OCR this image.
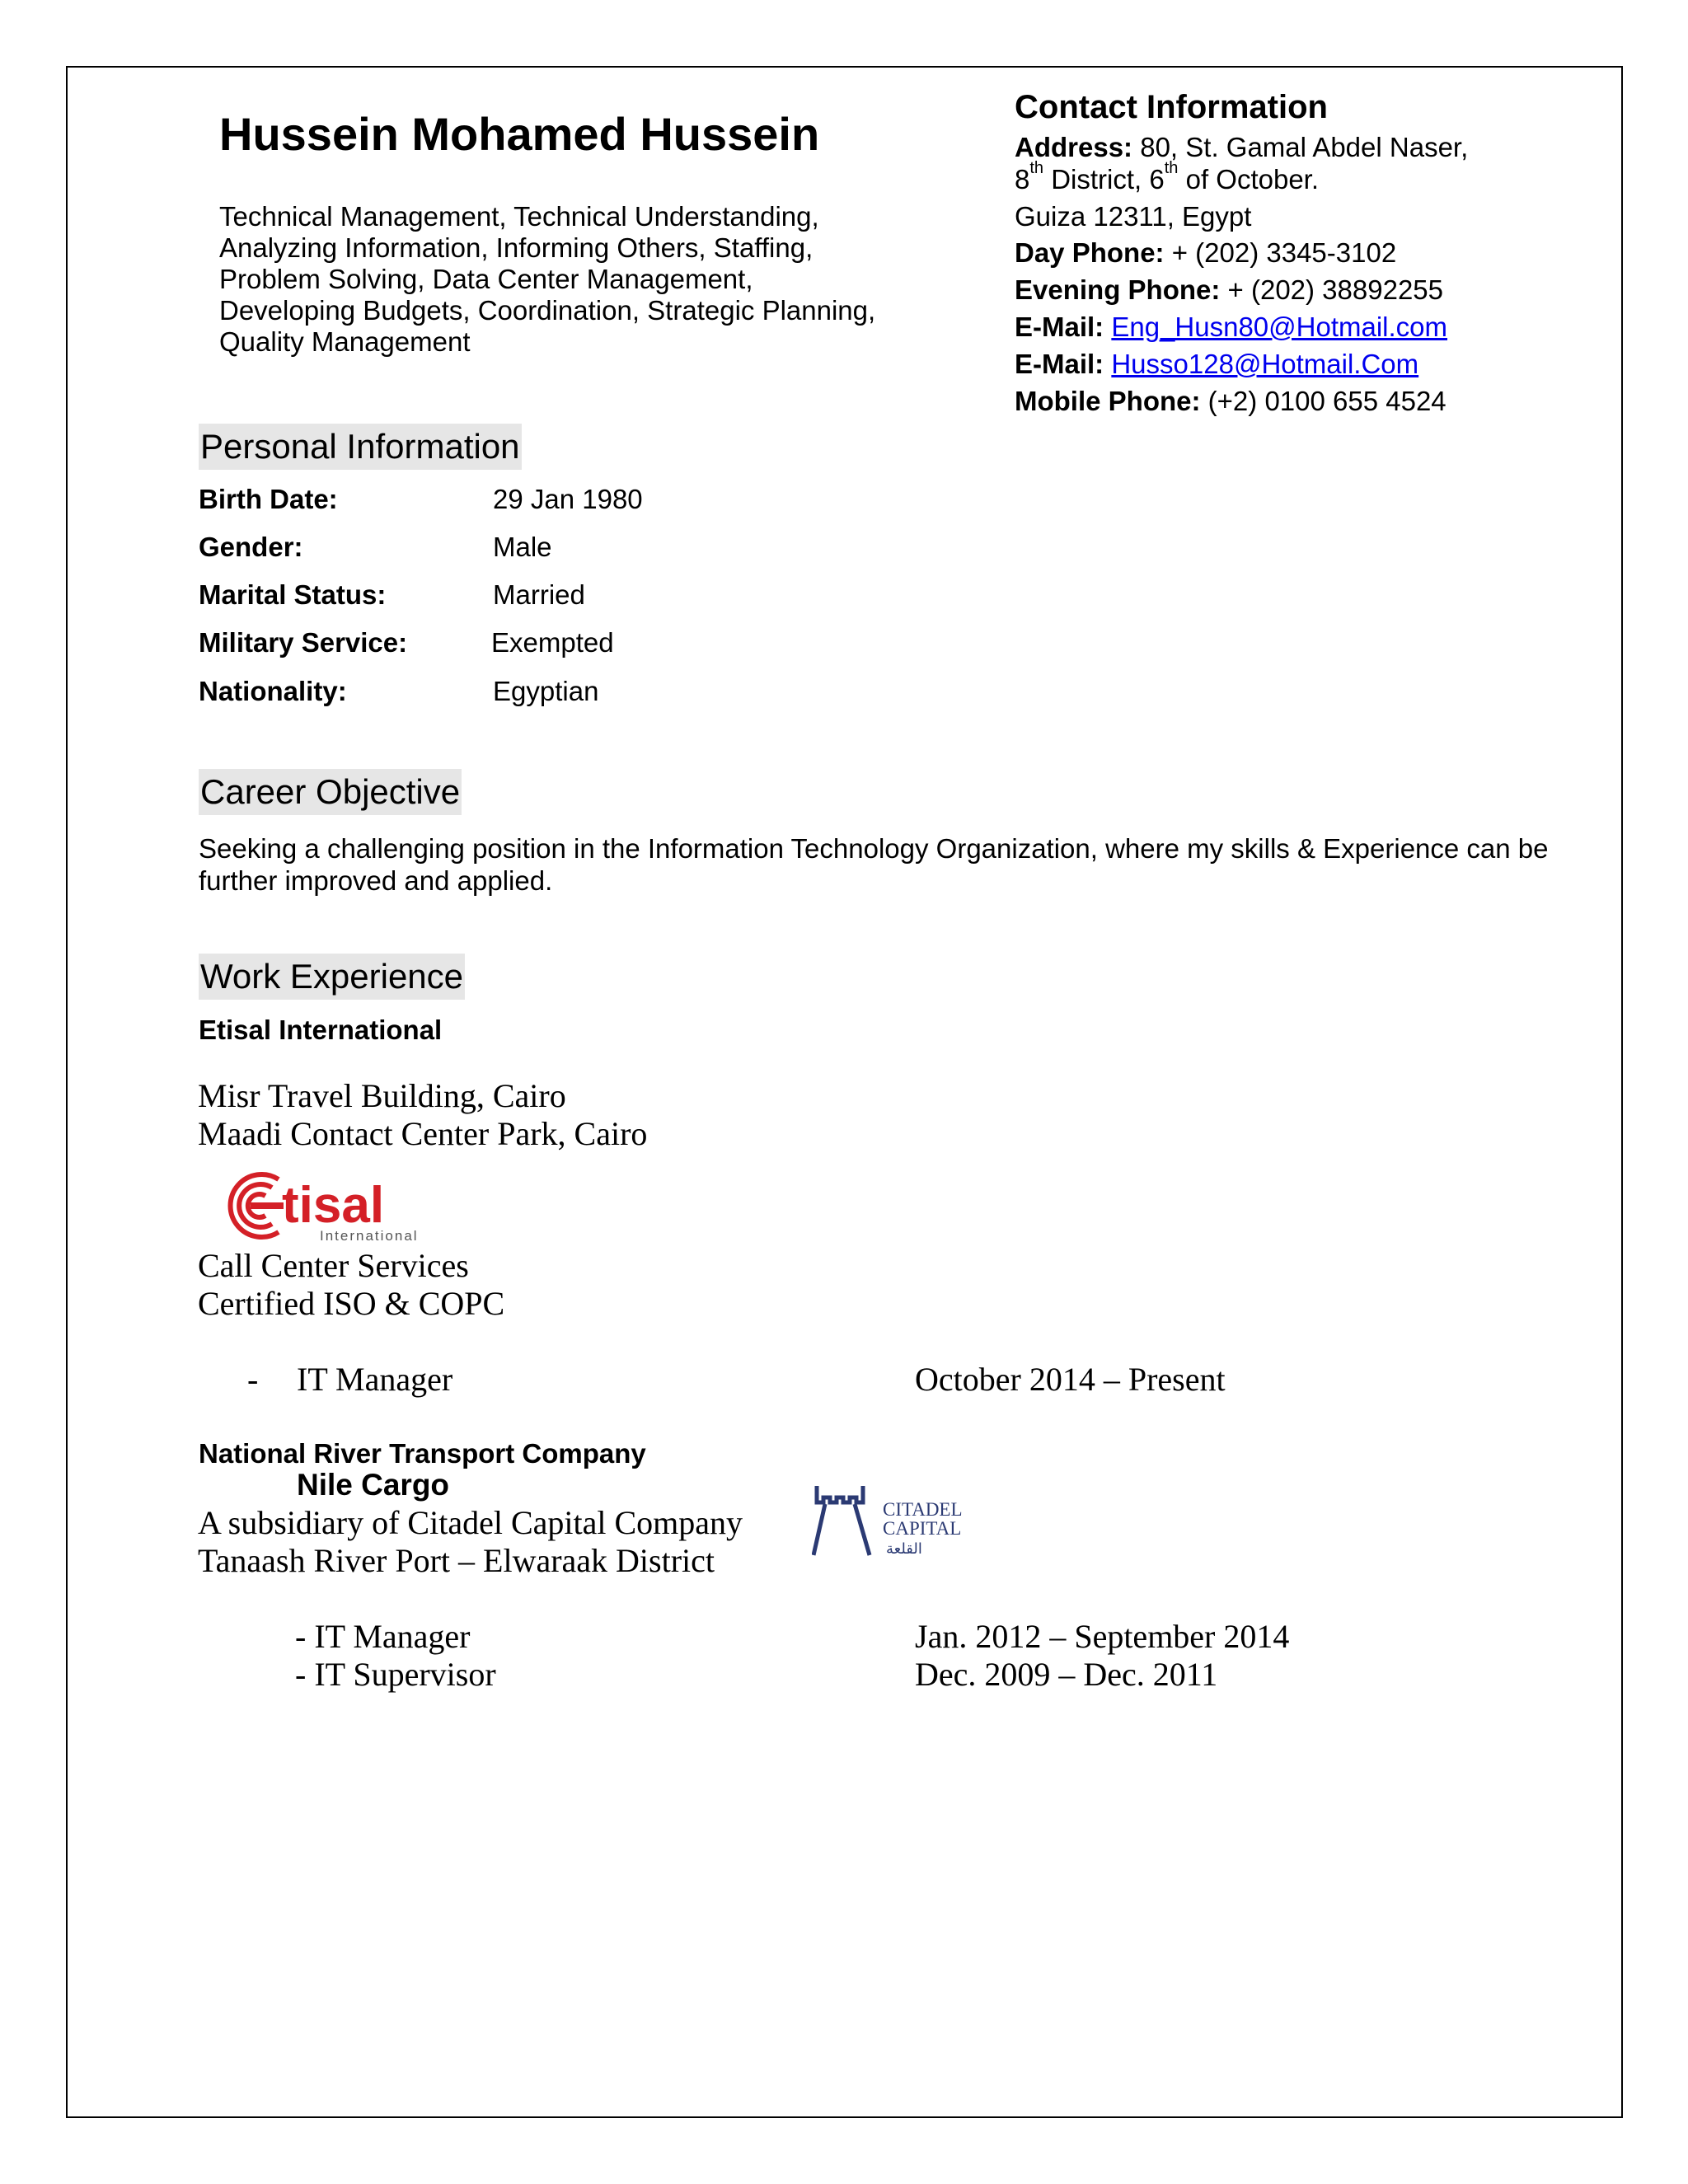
Hussein Mohamed Hussein
Technical Management, Technical Understanding, Analyzing Information, Informing Others, Staffing, Problem Solving, Data Center Management, Developing Budgets, Coordination, Strategic Planning, Quality Management
Contact Information
Address: 80, St. Gamal Abdel Naser,
8th District, 6th of October.
Guiza 12311, Egypt
Day Phone: + (202) 3345-3102
Evening Phone: + (202) 38892255
E-Mail: Eng_Husn80@Hotmail.com
E-Mail: Husso128@Hotmail.Com
Mobile Phone: (+2) 0100 655 4524
Personal Information
Birth Date:	29 Jan 1980
Gender:	Male
Marital Status:	Married
Military Service:	Exempted
Nationality:	Egyptian
Career Objective
Seeking a challenging position in the Information Technology Organization, where my skills & Experience can be further improved and applied.
Work Experience
Etisal International
Misr Travel Building, Cairo
Maadi Contact Center Park, Cairo
tisal
International
Call Center Services
Certified ISO & COPC
- IT Manager	October 2014 – Present
National River Transport Company
Nile Cargo
A subsidiary of Citadel Capital Company
Tanaash River Port – Elwaraak District
CITADEL
CAPITAL
القلعة
- IT Manager	Jan. 2012 – September 2014
- IT Supervisor	Dec. 2009 – Dec. 2011
